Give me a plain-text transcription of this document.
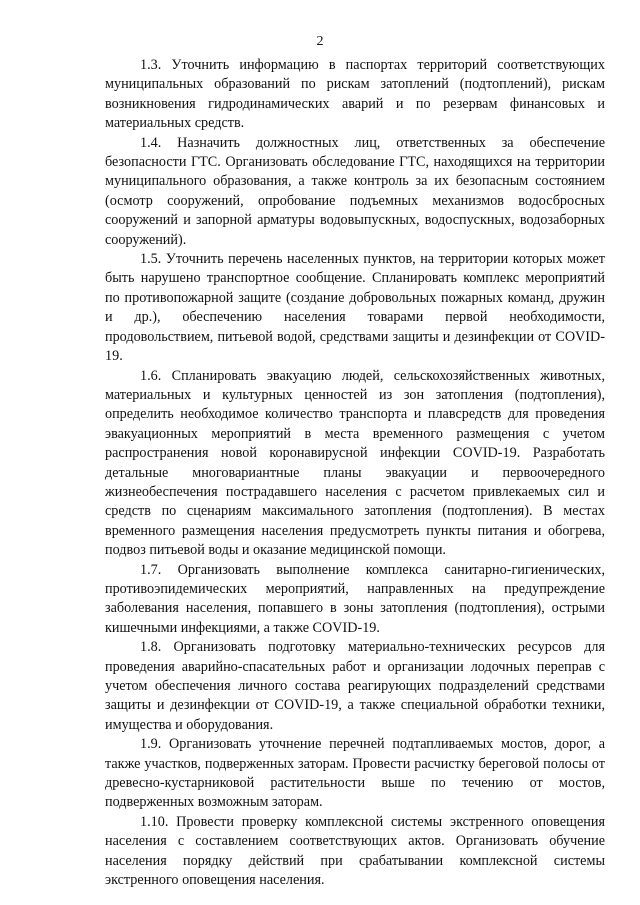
2

1.3. Уточнить информацию в паспортах территорий соответствующих муниципальных образований по рискам затоплений (подтоплений), рискам возникновения гидродинамических аварий и по резервам финансовых и материальных средств.

1.4. Назначить должностных лиц, ответственных за обеспечение безопасности ГТС. Организовать обследование ГТС, находящихся на территории муниципального образования, а также контроль за их безопасным состоянием (осмотр сооружений, опробование подъемных механизмов водосбросных сооружений и запорной арматуры водовыпускных, водоспускных, водозаборных сооружений).

1.5. Уточнить перечень населенных пунктов, на территории которых может быть нарушено транспортное сообщение. Спланировать комплекс мероприятий по противопожарной защите (создание добровольных пожарных команд, дружин и др.), обеспечению населения товарами первой необходимости, продовольствием, питьевой водой, средствами защиты и дезинфекции от COVID-19.

1.6. Спланировать эвакуацию людей, сельскохозяйственных животных, материальных и культурных ценностей из зон затопления (подтопления), определить необходимое количество транспорта и плавсредств для проведения эвакуационных мероприятий в места временного размещения с учетом распространения новой коронавирусной инфекции COVID-19. Разработать детальные многовариантные планы эвакуации и первоочередного жизнеобеспечения пострадавшего населения с расчетом привлекаемых сил и средств по сценариям максимального затопления (подтопления). В местах временного размещения населения предусмотреть пункты питания и обогрева, подвоз питьевой воды и оказание медицинской помощи.

1.7. Организовать выполнение комплекса санитарно-гигиенических, противоэпидемических мероприятий, направленных на предупреждение заболевания населения, попавшего в зоны затопления (подтопления), острыми кишечными инфекциями, а также COVID-19.

1.8. Организовать подготовку материально-технических ресурсов для проведения аварийно-спасательных работ и организации лодочных переправ с учетом обеспечения личного состава реагирующих подразделений средствами защиты и дезинфекции от COVID-19, а также специальной обработки техники, имущества и оборудования.

1.9. Организовать уточнение перечней подтапливаемых мостов, дорог, а также участков, подверженных заторам. Провести расчистку береговой полосы от древесно-кустарниковой растительности выше по течению от мостов, подверженных возможным заторам.

1.10. Провести проверку комплексной системы экстренного оповещения населения с составлением соответствующих актов. Организовать обучение населения порядку действий при срабатывании комплексной системы экстренного оповещения населения.
